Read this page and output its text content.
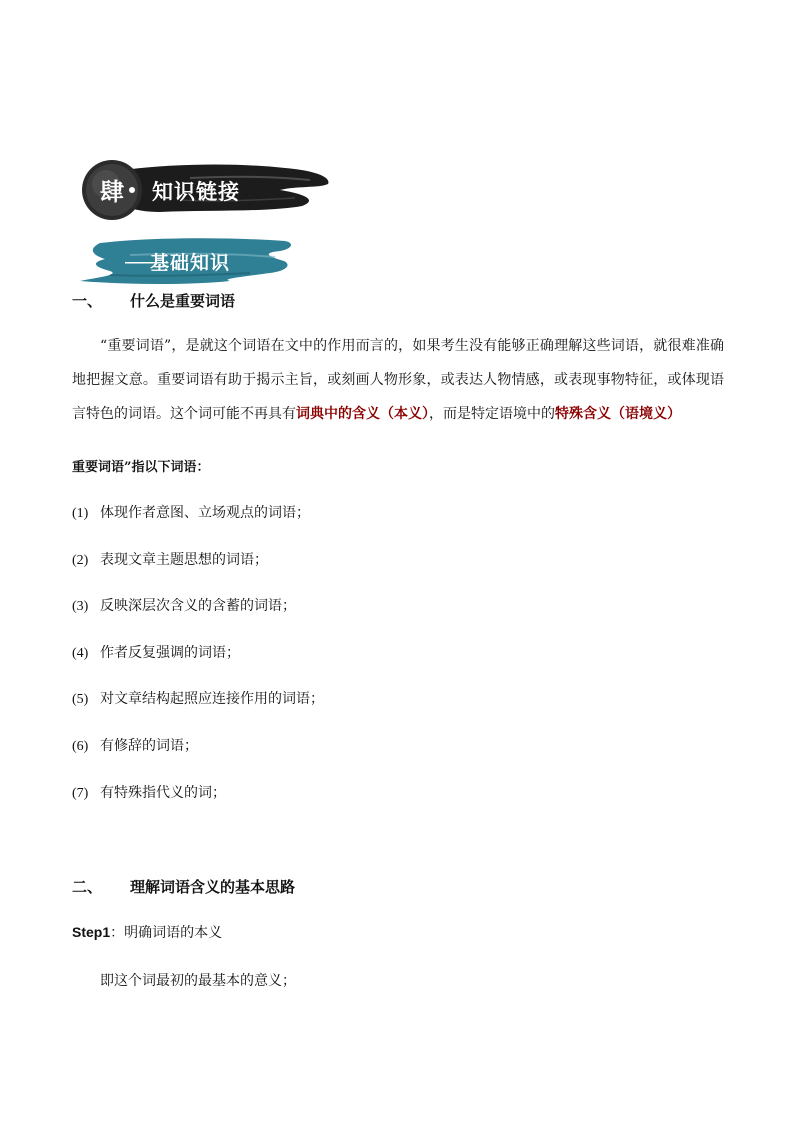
肆	知识链接
基础知识
一、 什么是重要词语
“重要词语”，是就这个词语在文中的作用而言的，如果考生没有能够正确理解这些词语，就很难准确地把握文意。重要词语有助于揭示主旨，或刻画人物形象，或表达人物情感，或表现事物特征，或体现语言特色的词语。这个词可能不再具有词典中的含义（本义），而是特定语境中的特殊含义（语境义）
重要词语”指以下词语：
(1) 体现作者意图、立场观点的词语；
(2) 表现文章主题思想的词语；
(3) 反映深层次含义的含蓄的词语；
(4) 作者反复强调的词语；
(5) 对文章结构起照应连接作用的词语；
(6) 有修辞的词语；
(7) 有特殊指代义的词；
二、 理解词语含义的基本思路
Step1：明确词语的本义
即这个词最初的最基本的意义；
